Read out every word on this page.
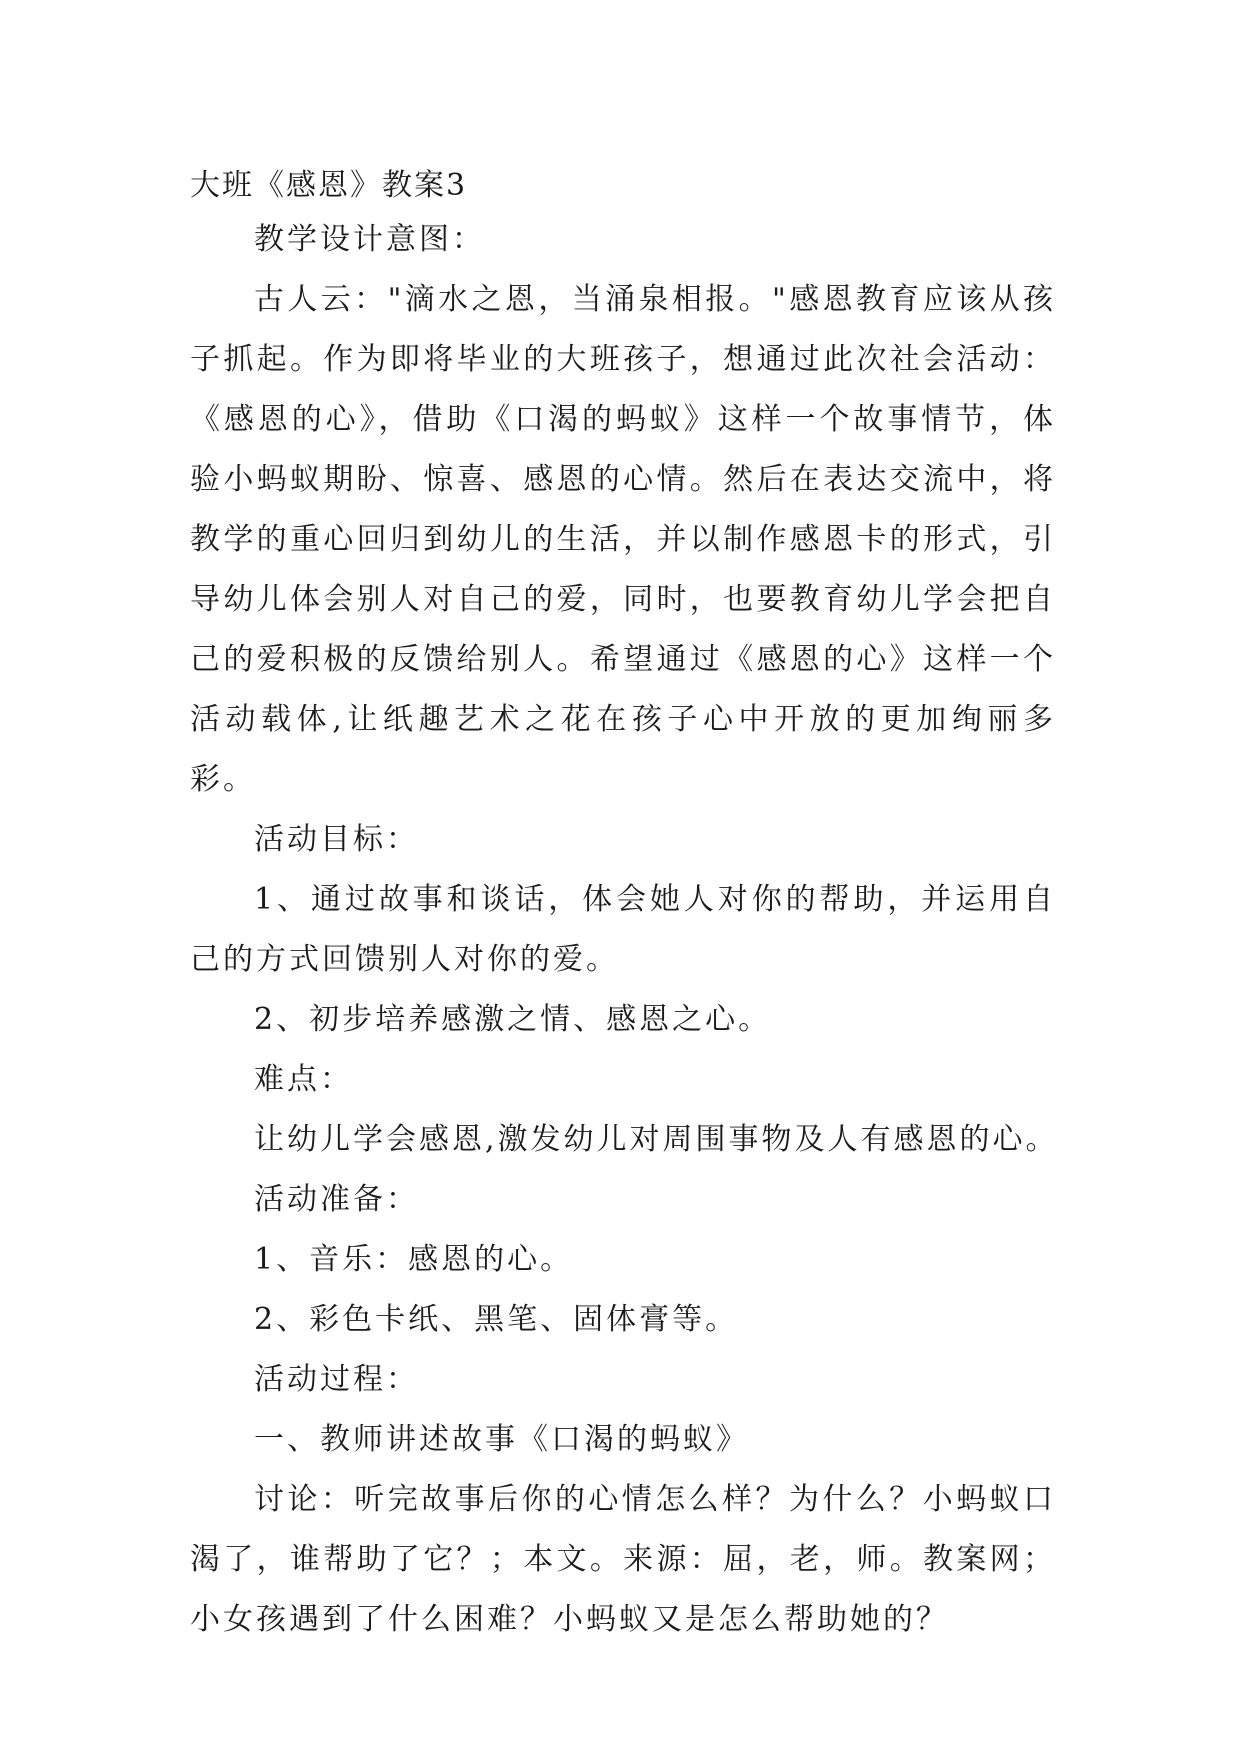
大班《感恩》教案3
教学设计意图：
古人云："滴水之恩，当涌泉相报。"感恩教育应该从孩子抓起。作为即将毕业的大班孩子，想通过此次社会活动：《感恩的心》，借助《口渴的蚂蚁》这样一个故事情节，体验小蚂蚁期盼、惊喜、感恩的心情。然后在表达交流中，将教学的重心回归到幼儿的生活，并以制作感恩卡的形式，引导幼儿体会别人对自己的爱，同时，也要教育幼儿学会把自己的爱积极的反馈给别人。希望通过《感恩的心》这样一个活动载体,让纸趣艺术之花在孩子心中开放的更加绚丽多彩。
活动目标：
1、通过故事和谈话，体会她人对你的帮助，并运用自己的方式回馈别人对你的爱。
2、初步培养感激之情、感恩之心。
难点：
让幼儿学会感恩,激发幼儿对周围事物及人有感恩的心。
活动准备：
1、音乐：感恩的心。
2、彩色卡纸、黑笔、固体膏等。
活动过程：
一、教师讲述故事《口渴的蚂蚁》
讨论：听完故事后你的心情怎么样？为什么？小蚂蚁口渴了，谁帮助了它？；本文。来源：屈，老，师。教案网；小女孩遇到了什么困难？小蚂蚁又是怎么帮助她的？
